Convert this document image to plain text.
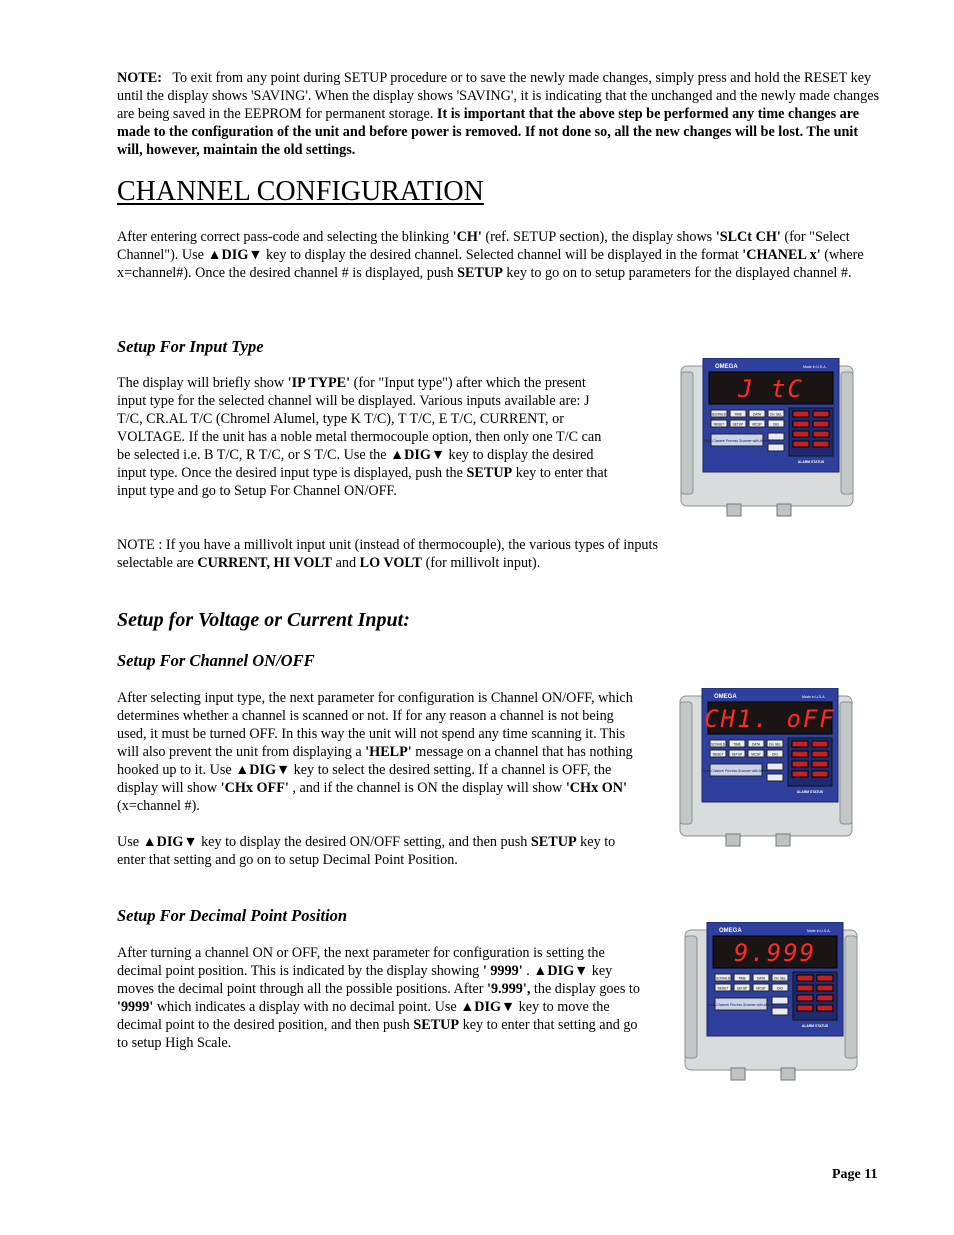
NOTE: To exit from any point during SETUP procedure or to save the newly made changes, simply press and hold the RESET key until the display shows 'SAVING'. When the display shows 'SAVING', it is indicating that the unchanged and the newly made changes are being saved in the EEPROM for permanent storage. It is important that the above step be performed any time changes are made to the configuration of the unit and before power is removed. If not done so, all the new changes will be lost. The unit will, however, maintain the old settings.

CHANNEL CONFIGURATION

After entering correct pass-code and selecting the blinking 'CH' (ref. SETUP section), the display shows 'SLCt CH' (for "Select Channel"). Use ▲DIG▼ key to display the desired channel. Selected channel will be displayed in the format 'CHANEL x' (where x=channel#). Once the desired channel # is displayed, push SETUP key to go on to setup parameters for the displayed channel #.

Setup For Input Type

The display will briefly show 'IP TYPE' (for "Input type") after which the present input type for the selected channel will be displayed. Various inputs available are: J T/C, CR.AL T/C (Chromel Alumel, type K T/C), T T/C, E T/C, CURRENT, or VOLTAGE. If the unit has a noble metal thermocouple option, then only one T/C can be selected i.e. B T/C, R T/C, or S T/C. Use the ▲DIG▼ key to display the desired input type. Once the desired input type is displayed, push the SETUP key to enter that input type and go to Setup For Channel ON/OFF.

NOTE : If you have a millivolt input unit (instead of thermocouple), the various types of inputs selectable are CURRENT, HI VOLT and LO VOLT (for millivolt input).

Setup for Voltage or Current Input:
Setup For Channel ON/OFF

After selecting input type, the next parameter for configuration is Channel ON/OFF, which determines whether a channel is scanned or not. If for any reason a channel is not being used, it must be turned OFF. In this way the unit will not spend any time scanning it. This will also prevent the unit from displaying a 'HELP' message on a channel that has nothing hooked up to it. Use ▲DIG▼ key to select the desired setting. If a channel is OFF, the display will show 'CHx OFF' , and if the channel is ON the display will show 'CHx ON' (x=channel #).

Use ▲DIG▼ key to display the desired ON/OFF setting, and then push SETUP key to enter that setting and go on to setup Decimal Point Position.

Setup For Decimal Point Position

After turning a channel ON or OFF, the next parameter for configuration is setting the decimal point position. This is indicated by the display showing ' 9999' . ▲DIG▼ key moves the decimal point through all the possible positions. After '9.999', the display goes to '9999' which indicates a display with no decimal point. Use ▲DIG▼ key to move the decimal point to the desired position, and then push SETUP key to enter that setting and go to setup High Scale.

OMEGA	Made in U.S.A.
J tC
SCN/HLD	TIME	DATA	CH. SEL
RESET	SETUP	MCSP	DIG
Multi-Channel Process Scanner with Alarms
ALARM STATUS
OMEGA	Made in U.S.A.
CH1. oFF
SCN/HLD	TIME	DATA	CH. SEL
RESET	SETUP	MCSP	DIG
Multi-Channel Process Scanner with Alarms
ALARM STATUS
OMEGA	Made in U.S.A.
9.999
SCN/HLD	TIME	DATA	CH. SEL
RESET	SETUP	MCSP	DIG
Multi-Channel Process Scanner with Alarms
ALARM STATUS
Page 11
